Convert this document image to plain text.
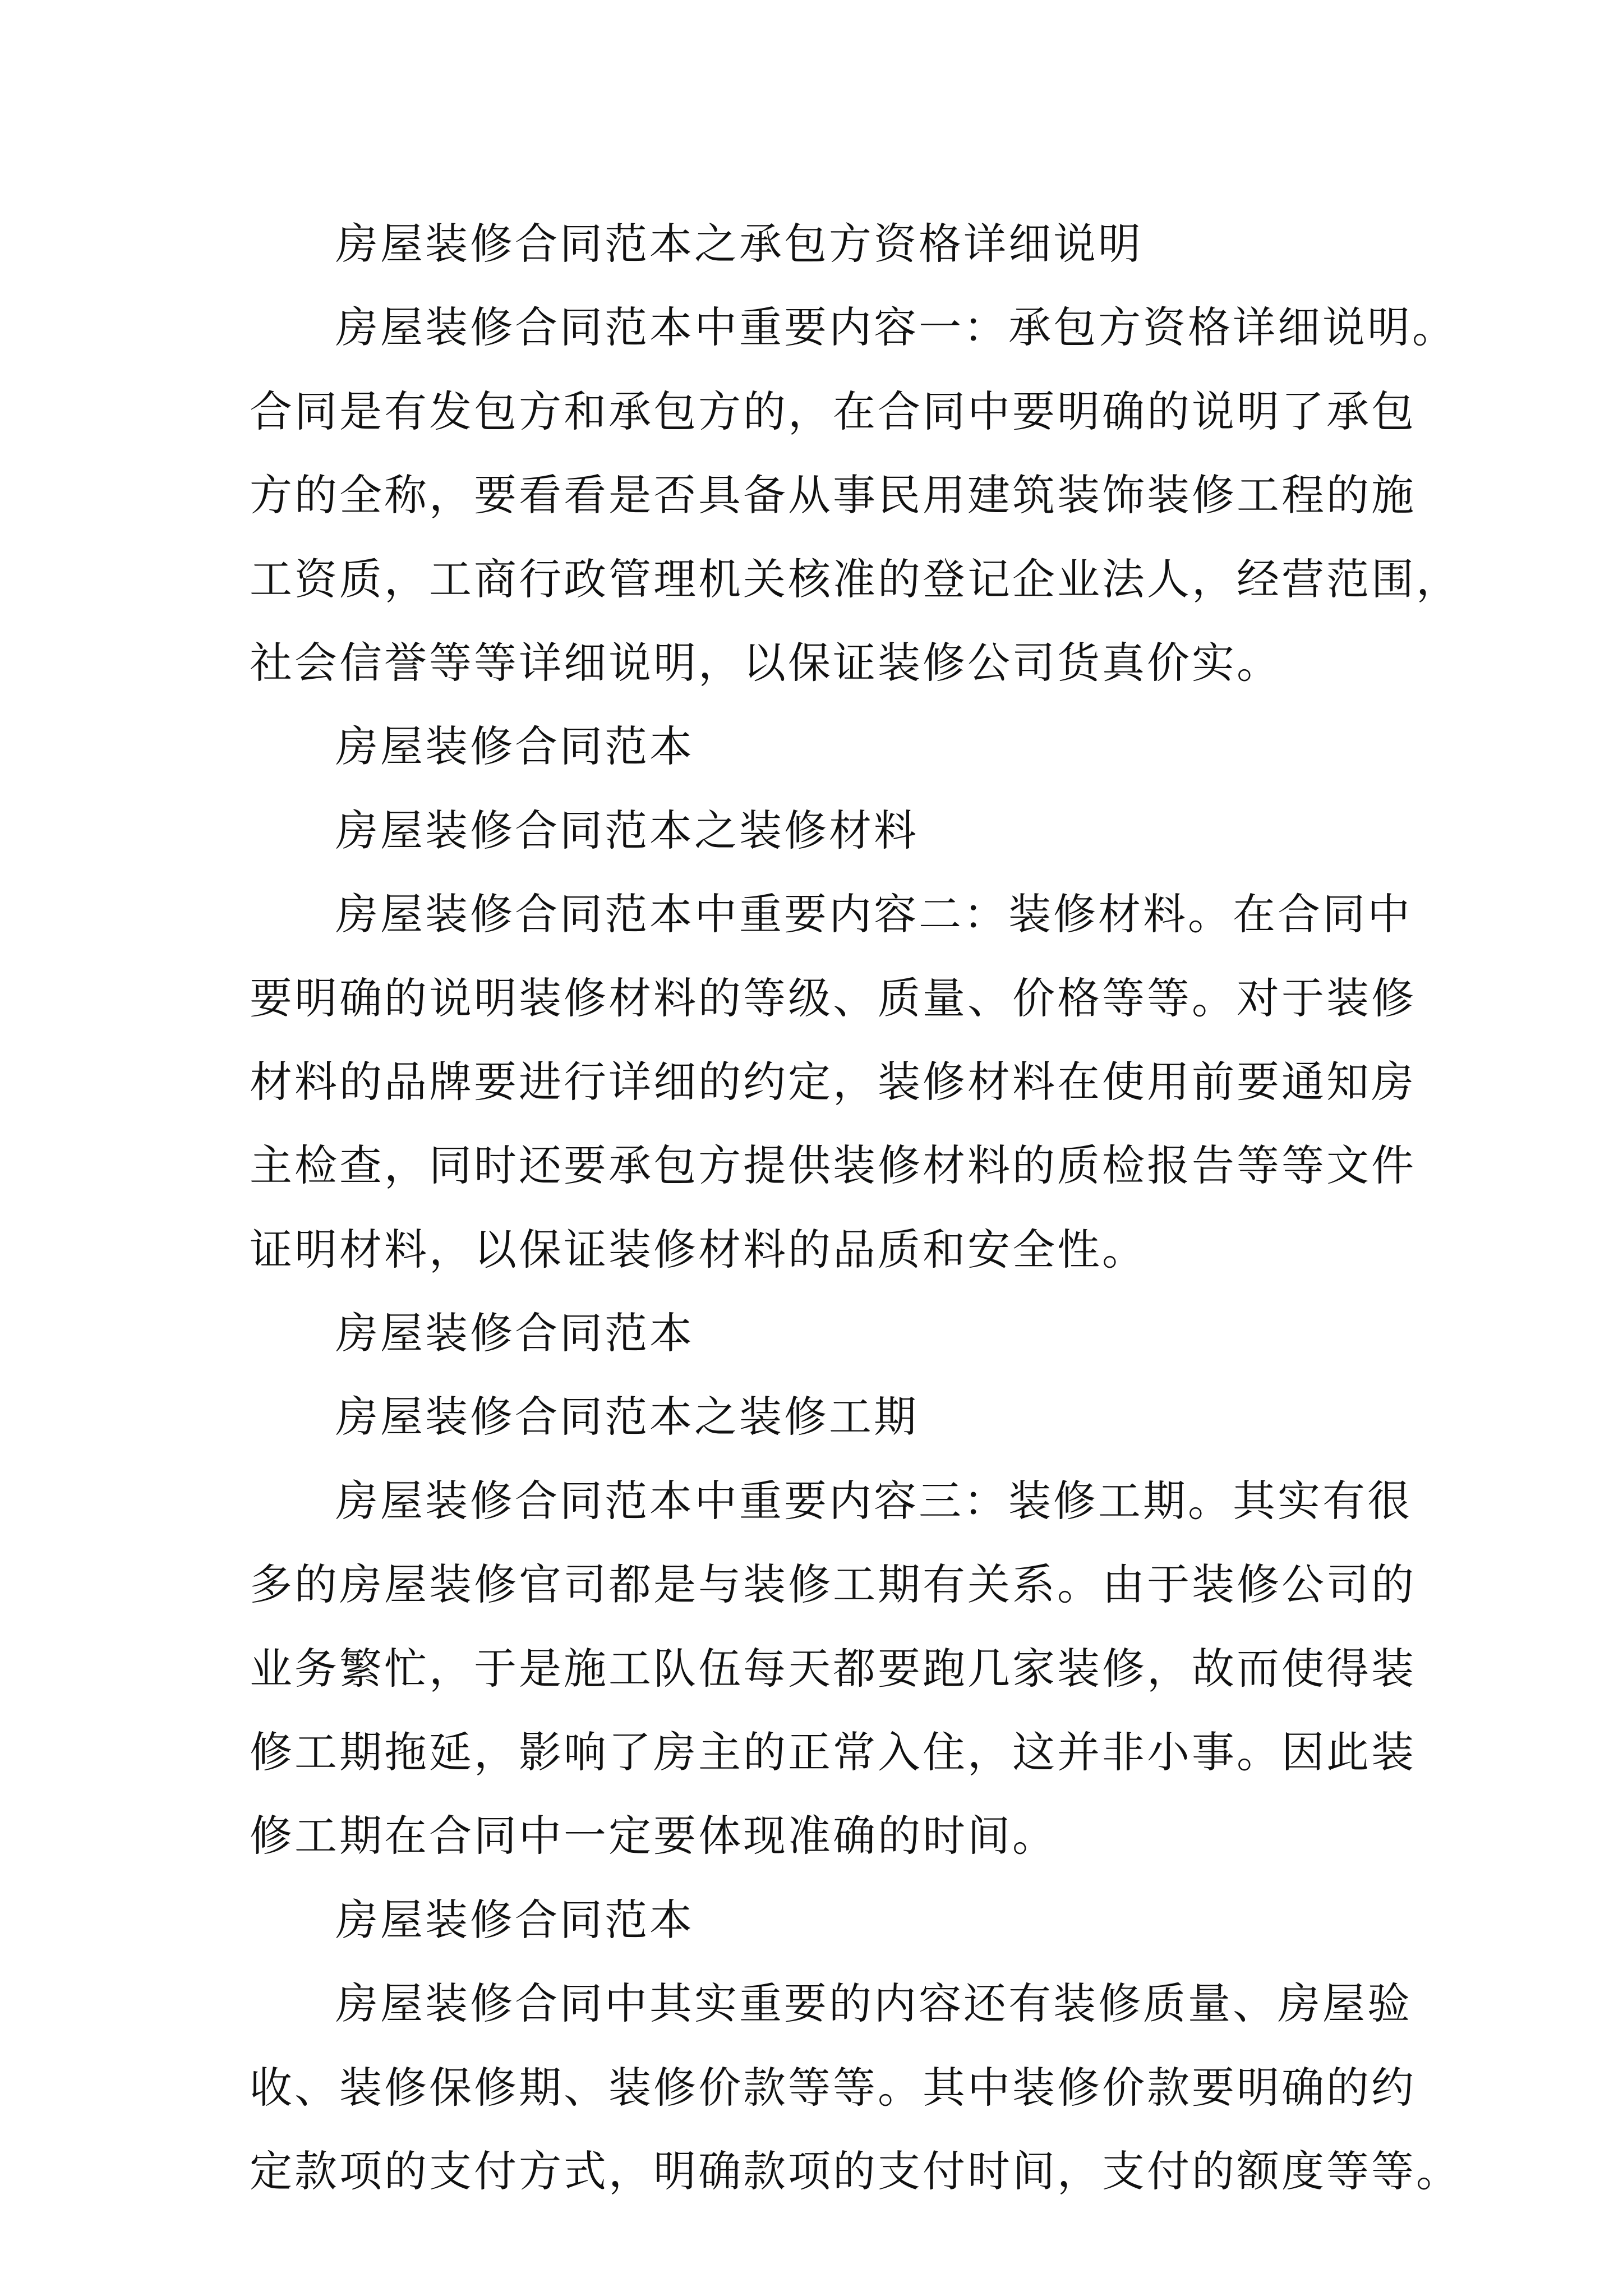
房屋装修合同范本之承包方资格详细说明
房屋装修合同范本中重要内容一：承包方资格详细说明。
合同是有发包方和承包方的，在合同中要明确的说明了承包
方的全称，要看看是否具备从事民用建筑装饰装修工程的施
工资质，工商行政管理机关核准的登记企业法人，经营范围，
社会信誉等等详细说明，以保证装修公司货真价实。
房屋装修合同范本
房屋装修合同范本之装修材料
房屋装修合同范本中重要内容二：装修材料。在合同中
要明确的说明装修材料的等级、质量、价格等等。对于装修
材料的品牌要进行详细的约定，装修材料在使用前要通知房
主检查，同时还要承包方提供装修材料的质检报告等等文件
证明材料，以保证装修材料的品质和安全性。
房屋装修合同范本
房屋装修合同范本之装修工期
房屋装修合同范本中重要内容三：装修工期。其实有很
多的房屋装修官司都是与装修工期有关系。由于装修公司的
业务繁忙，于是施工队伍每天都要跑几家装修，故而使得装
修工期拖延，影响了房主的正常入住，这并非小事。因此装
修工期在合同中一定要体现准确的时间。
房屋装修合同范本
房屋装修合同中其实重要的内容还有装修质量、房屋验
收、装修保修期、装修价款等等。其中装修价款要明确的约
定款项的支付方式，明确款项的支付时间，支付的额度等等。
